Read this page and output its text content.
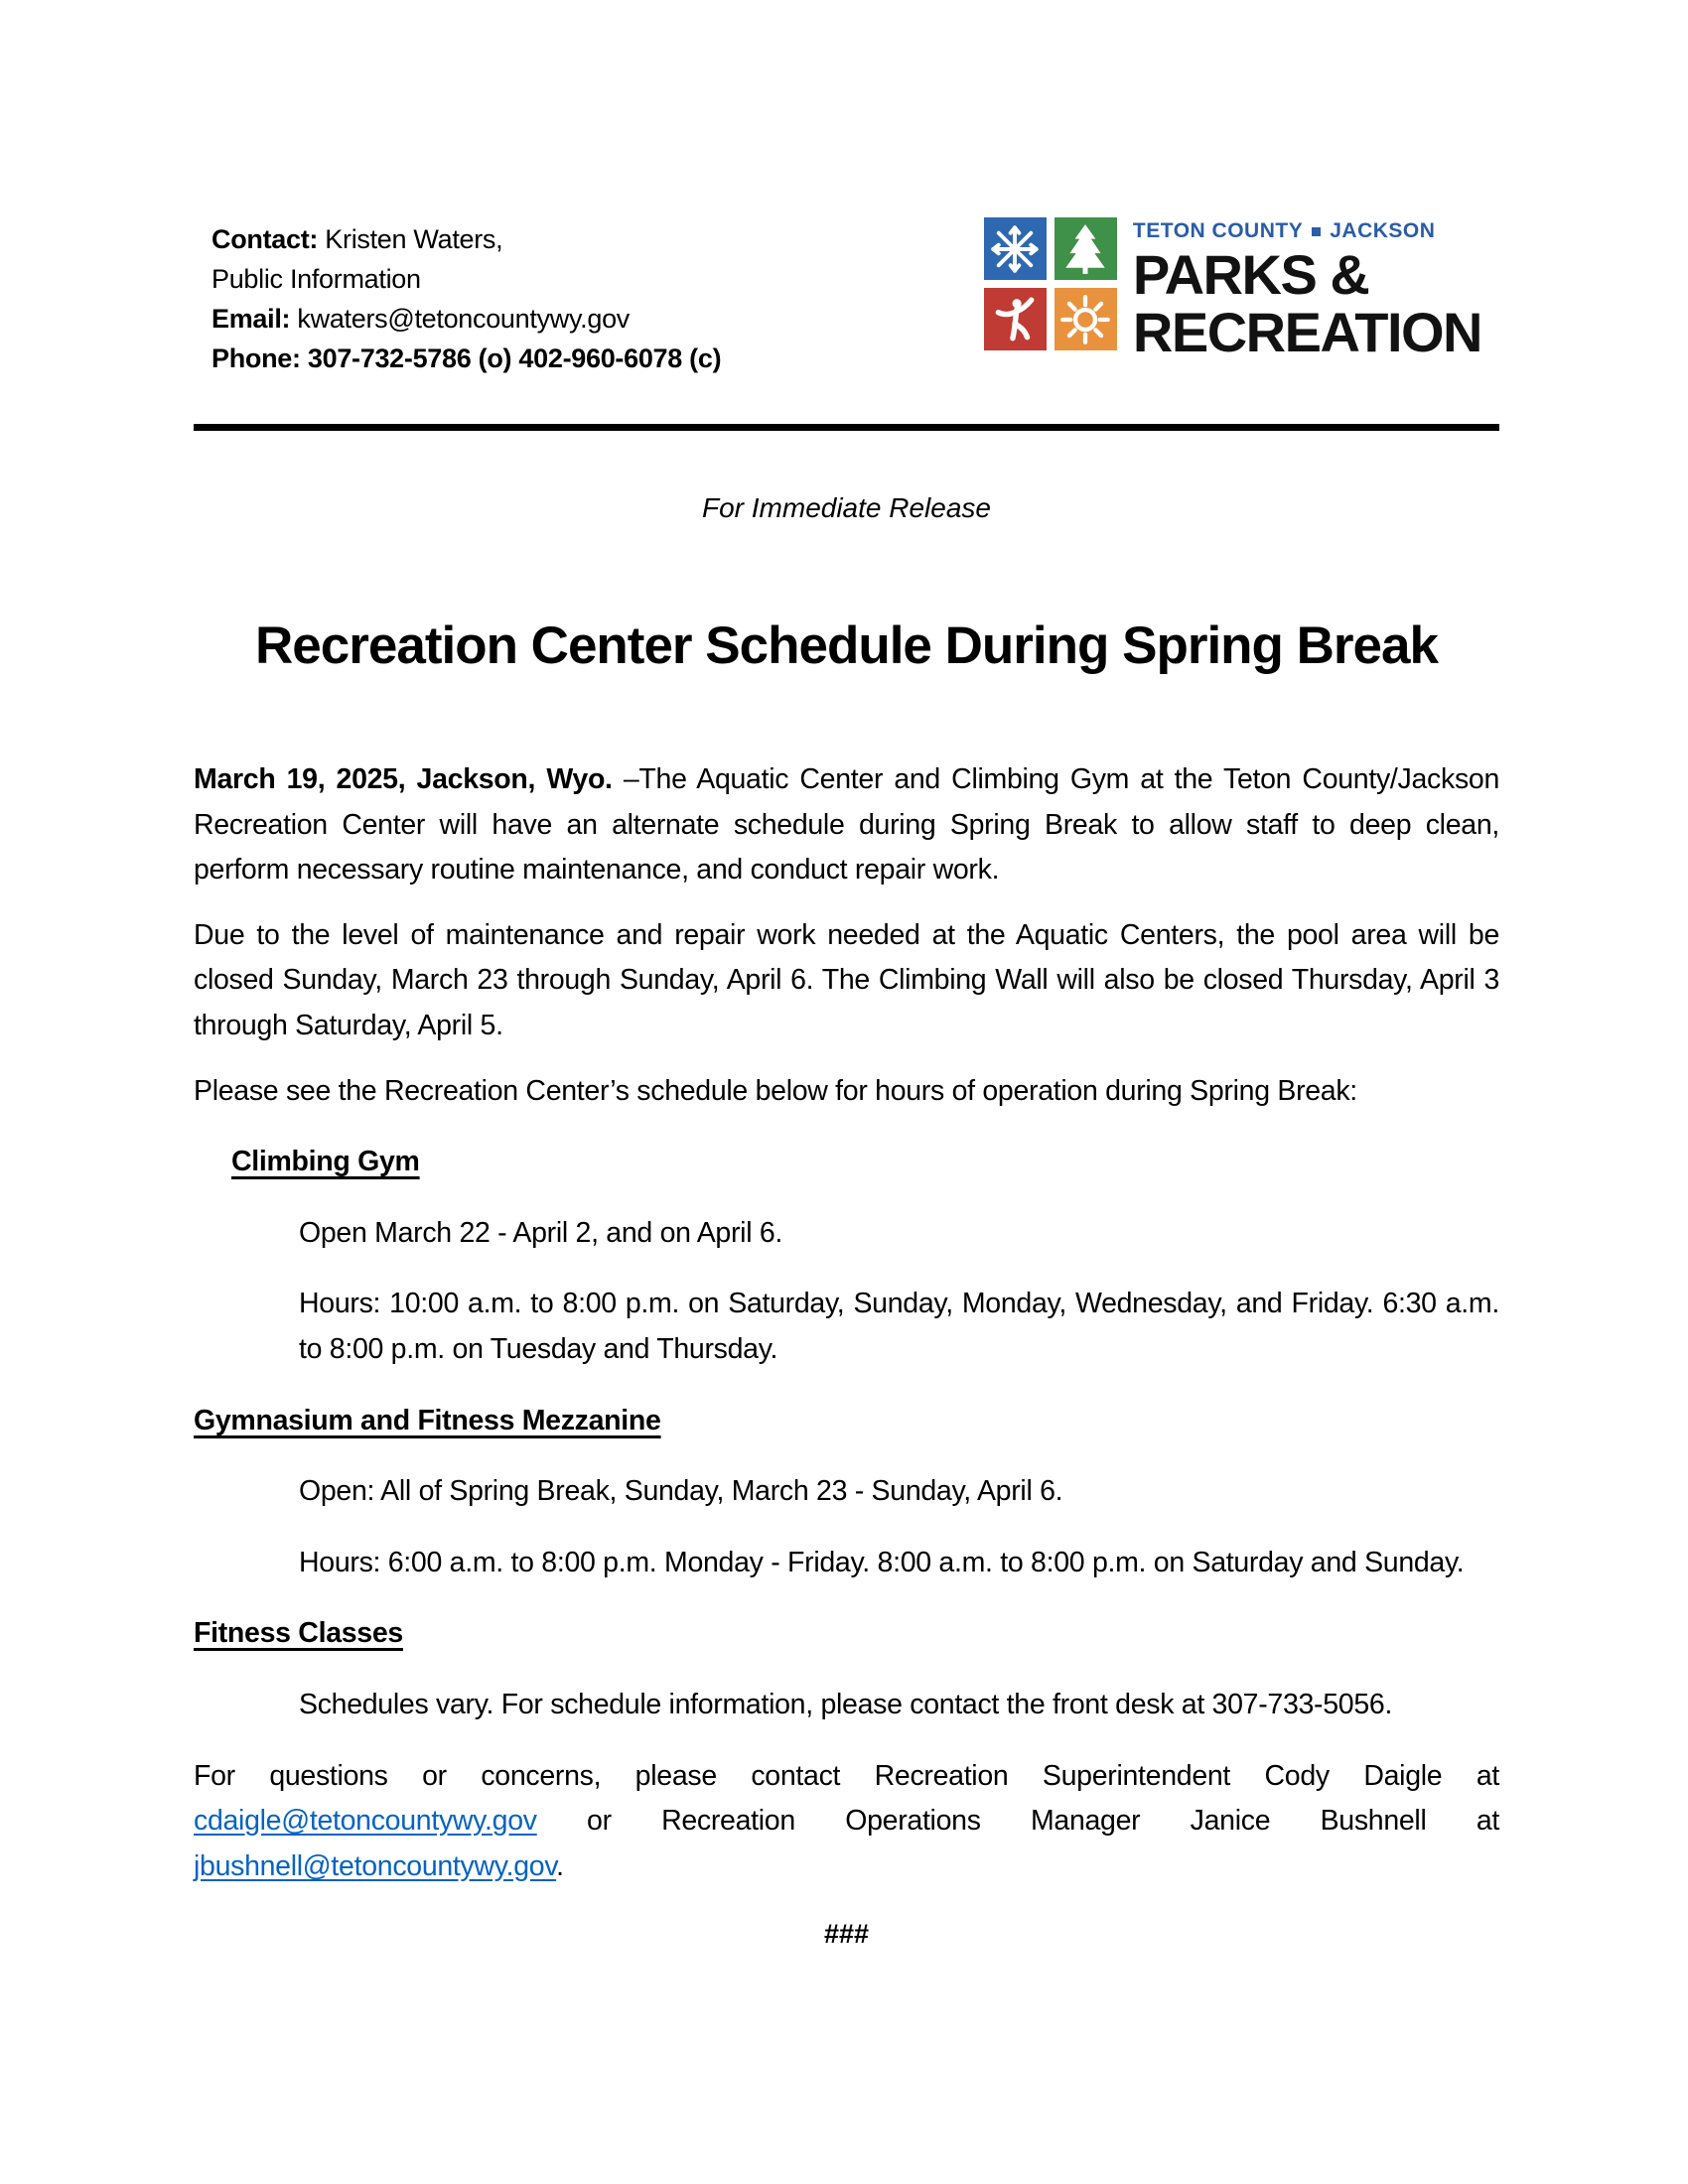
Contact: Kristen Waters,
Public Information
Email: kwaters@tetoncountywy.gov
Phone: 307-732-5786 (o) 402-960-6078 (c)
TETON COUNTY JACKSON
PARKS &
RECREATION
For Immediate Release
Recreation Center Schedule During Spring Break

March 19, 2025, Jackson, Wyo. –The Aquatic Center and Climbing Gym at the Teton County/Jackson Recreation Center will have an alternate schedule during Spring Break to allow staff to deep clean, perform necessary routine maintenance, and conduct repair work.

Due to the level of maintenance and repair work needed at the Aquatic Centers, the pool area will be closed Sunday, March 23 through Sunday, April 6. The Climbing Wall will also be closed Thursday, April 3 through Saturday, April 5.

Please see the Recreation Center’s schedule below for hours of operation during Spring Break:

Climbing Gym

Open March 22 - April 2, and on April 6.

Hours: 10:00 a.m. to 8:00 p.m. on Saturday, Sunday, Monday, Wednesday, and Friday. 6:30 a.m. to 8:00 p.m. on Tuesday and Thursday.

Gymnasium and Fitness Mezzanine

Open: All of Spring Break, Sunday, March 23 - Sunday, April 6.

Hours: 6:00 a.m. to 8:00 p.m. Monday - Friday. 8:00 a.m. to 8:00 p.m. on Saturday and Sunday.

Fitness Classes

Schedules vary. For schedule information, please contact the front desk at 307-733-5056.

For questions or concerns, please contact Recreation Superintendent Cody Daigle at cdaigle@tetoncountywy.gov or Recreation Operations Manager Janice Bushnell at jbushnell@tetoncountywy.gov.

###
